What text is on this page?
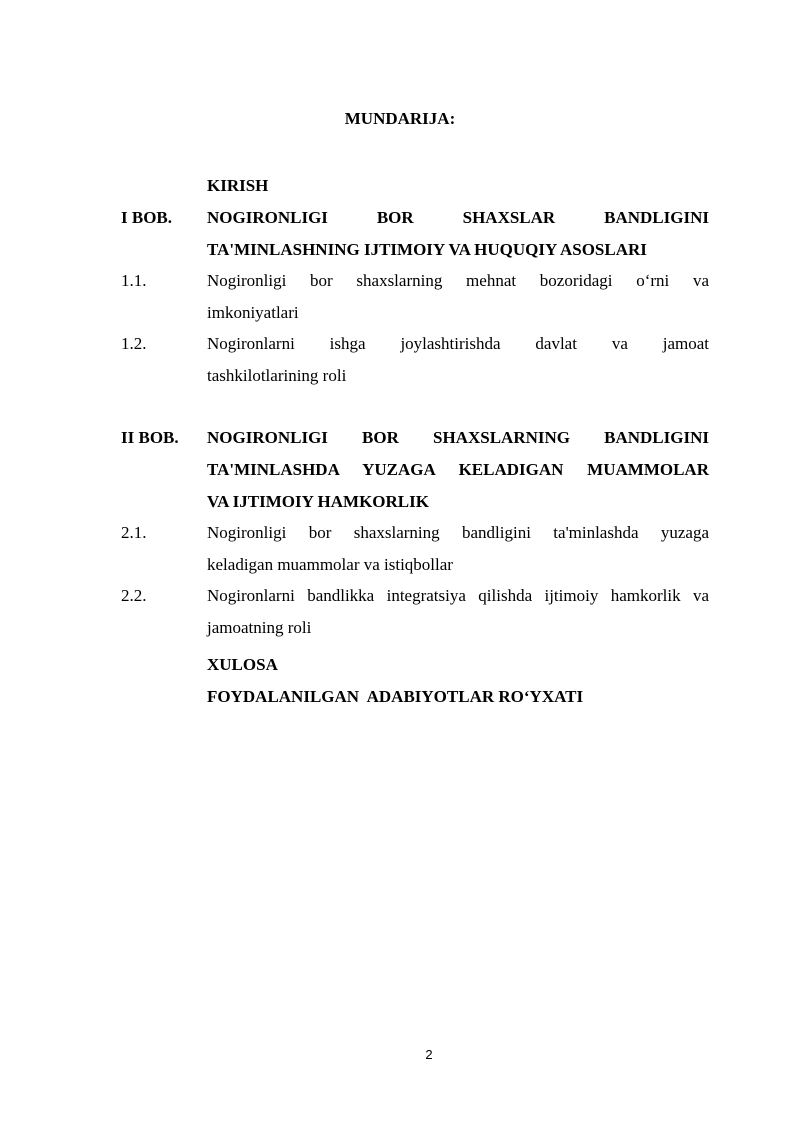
MUNDARIJA:
KIRISH
I BOB.	NOGIRONLIGI BOR SHAXSLAR BANDLIGINI
TA'MINLASHNING IJTIMOIY VA HUQUQIY ASOSLARI
1.1.	Nogironligi bor shaxslarning mehnat bozoridagi o‘rni va
imkoniyatlari
1.2.	Nogironlarni ishga joylashtirishda davlat va jamoat
tashkilotlarining roli
II BOB.	NOGIRONLIGI BOR SHAXSLARNING BANDLIGINI
TA'MINLASHDA YUZAGA KELADIGAN MUAMMOLAR
VA IJTIMOIY HAMKORLIK
2.1.	Nogironligi bor shaxslarning bandligini ta'minlashda yuzaga
keladigan muammolar va istiqbollar
2.2.	Nogironlarni bandlikka integratsiya qilishda ijtimoiy hamkorlik va
jamoatning roli
XULOSA
FOYDALANILGAN  ADABIYOTLAR RO‘YXATI
2
